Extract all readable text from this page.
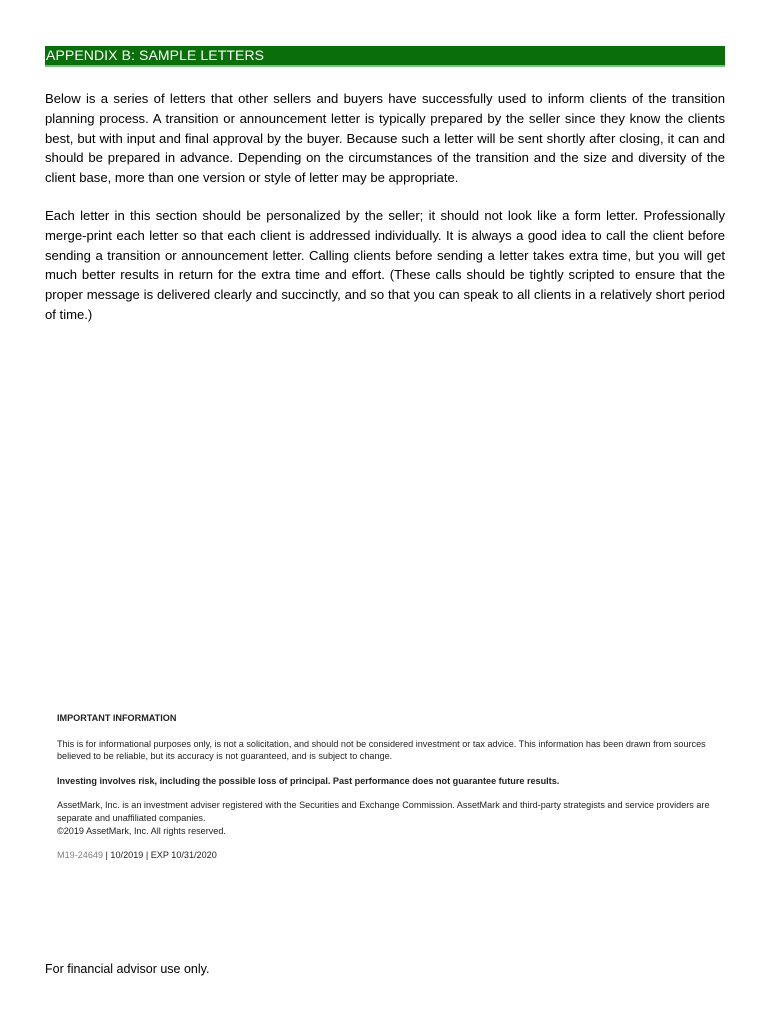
APPENDIX B: SAMPLE LETTERS

Below is a series of letters that other sellers and buyers have successfully used to inform clients of the transition planning process. A transition or announcement letter is typically prepared by the seller since they know the clients best, but with input and final approval by the buyer. Because such a letter will be sent shortly after closing, it can and should be prepared in advance. Depending on the circumstances of the transition and the size and diversity of the client base, more than one version or style of letter may be appropriate.

Each letter in this section should be personalized by the seller; it should not look like a form letter. Professionally merge-print each letter so that each client is addressed individually. It is always a good idea to call the client before sending a transition or announcement letter. Calling clients before sending a letter takes extra time, but you will get much better results in return for the extra time and effort. (These calls should be tightly scripted to ensure that the proper message is delivered clearly and succinctly, and so that you can speak to all clients in a relatively short period of time.)

IMPORTANT INFORMATION

This is for informational purposes only, is not a solicitation, and should not be considered investment or tax advice. This information has been drawn from sources believed to be reliable, but its accuracy is not guaranteed, and is subject to change.

Investing involves risk, including the possible loss of principal. Past performance does not guarantee future results.

AssetMark, Inc. is an investment adviser registered with the Securities and Exchange Commission. AssetMark and third-party strategists and service providers are separate and unaffiliated companies.

©2019 AssetMark, Inc. All rights reserved.

M19-24649 | 10/2019 | EXP 10/31/2020

For financial advisor use only.
